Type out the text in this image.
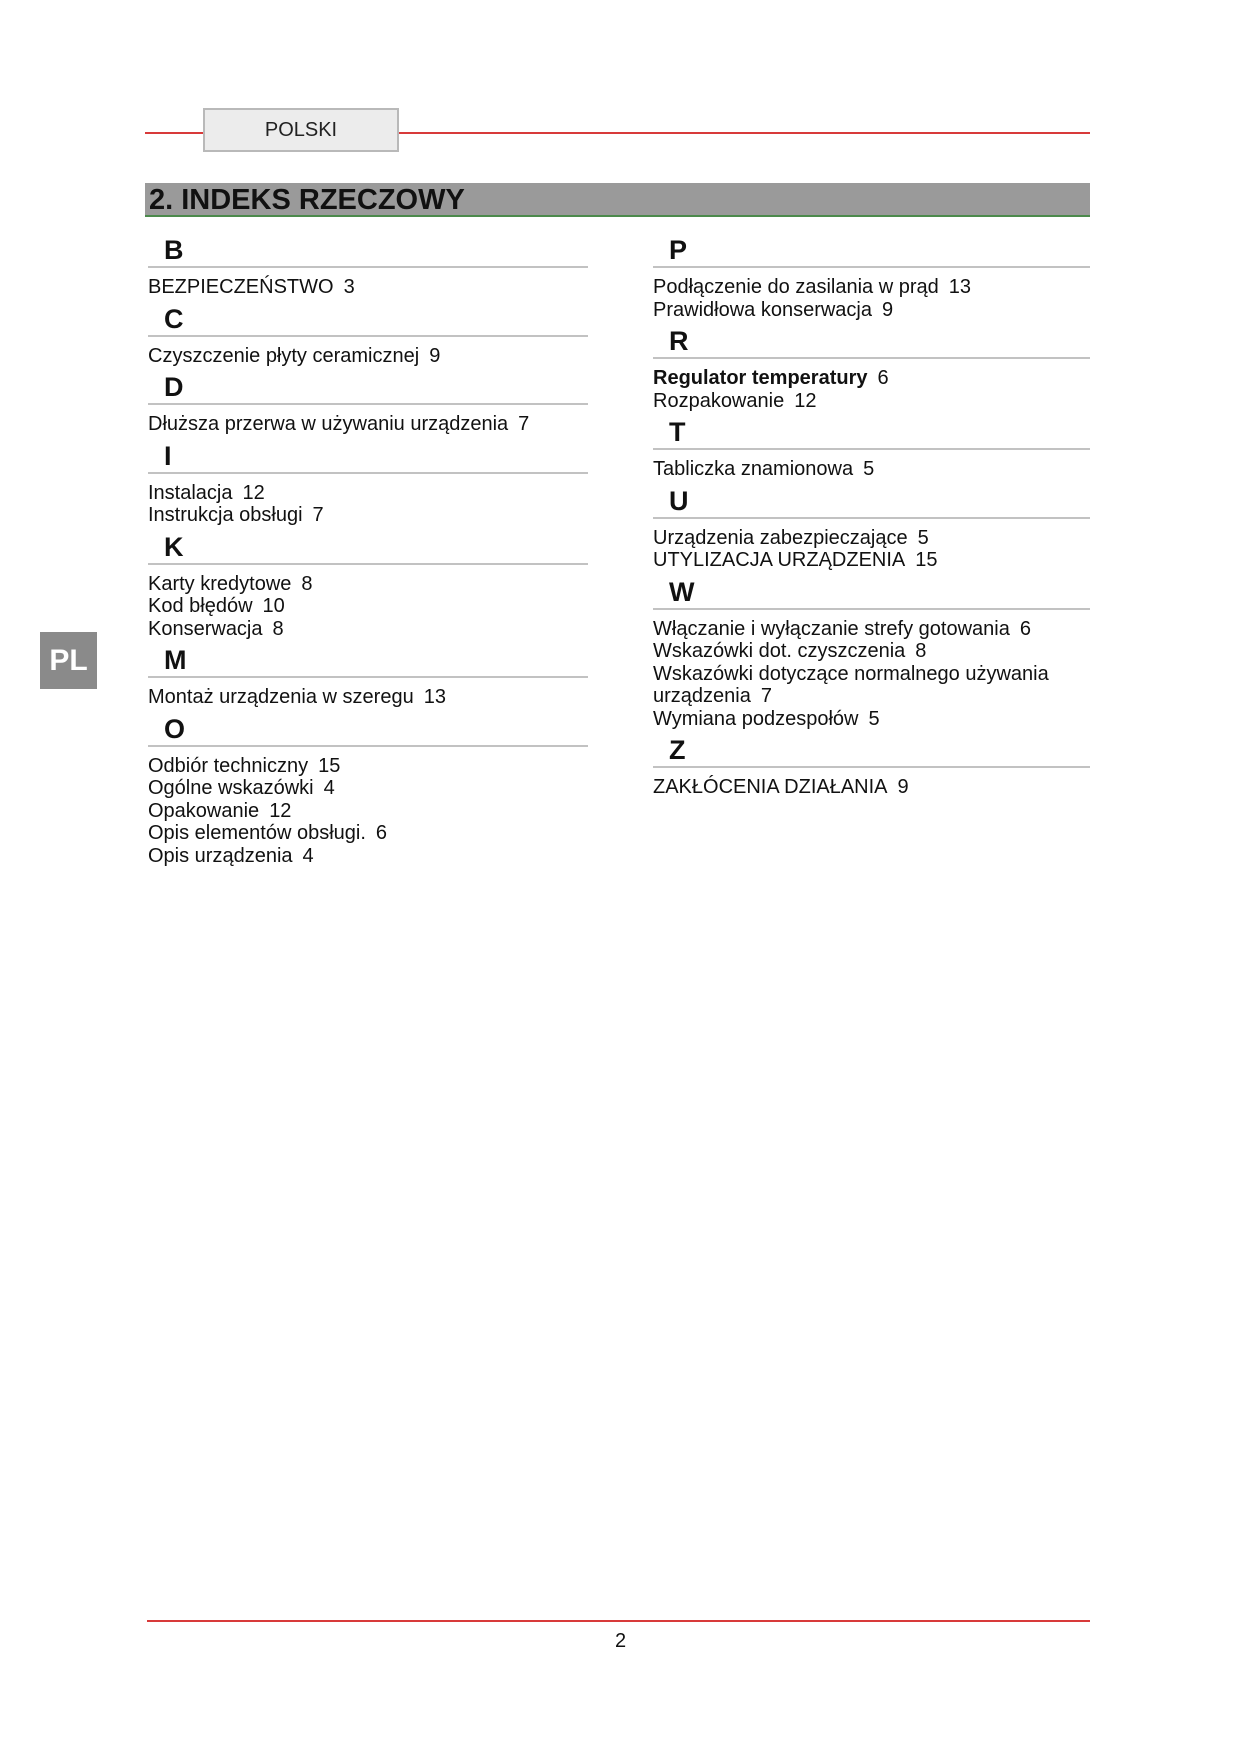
POLSKI
2. INDEKS RZECZOWY
PL
B
BEZPIECZEŃSTWO 3
C
Czyszczenie płyty ceramicznej 9
D
Dłuższa przerwa w używaniu urządzenia 7
I
Instalacja 12
Instrukcja obsługi 7
K
Karty kredytowe 8
Kod błędów 10
Konserwacja 8
M
Montaż urządzenia w szeregu 13
O
Odbiór techniczny 15
Ogólne wskazówki 4
Opakowanie 12
Opis elementów obsługi. 6
Opis urządzenia 4
P
Podłączenie do zasilania w prąd 13
Prawidłowa konserwacja 9
R
Regulator temperatury 6
Rozpakowanie 12
T
Tabliczka znamionowa 5
U
Urządzenia zabezpieczające 5
UTYLIZACJA URZĄDZENIA 15
W
Włączanie i wyłączanie strefy gotowania 6
Wskazówki dot. czyszczenia 8
Wskazówki dotyczące normalnego używania urządzenia 7
Wymiana podzespołów 5
Z
ZAKŁÓCENIA DZIAŁANIA 9
2
